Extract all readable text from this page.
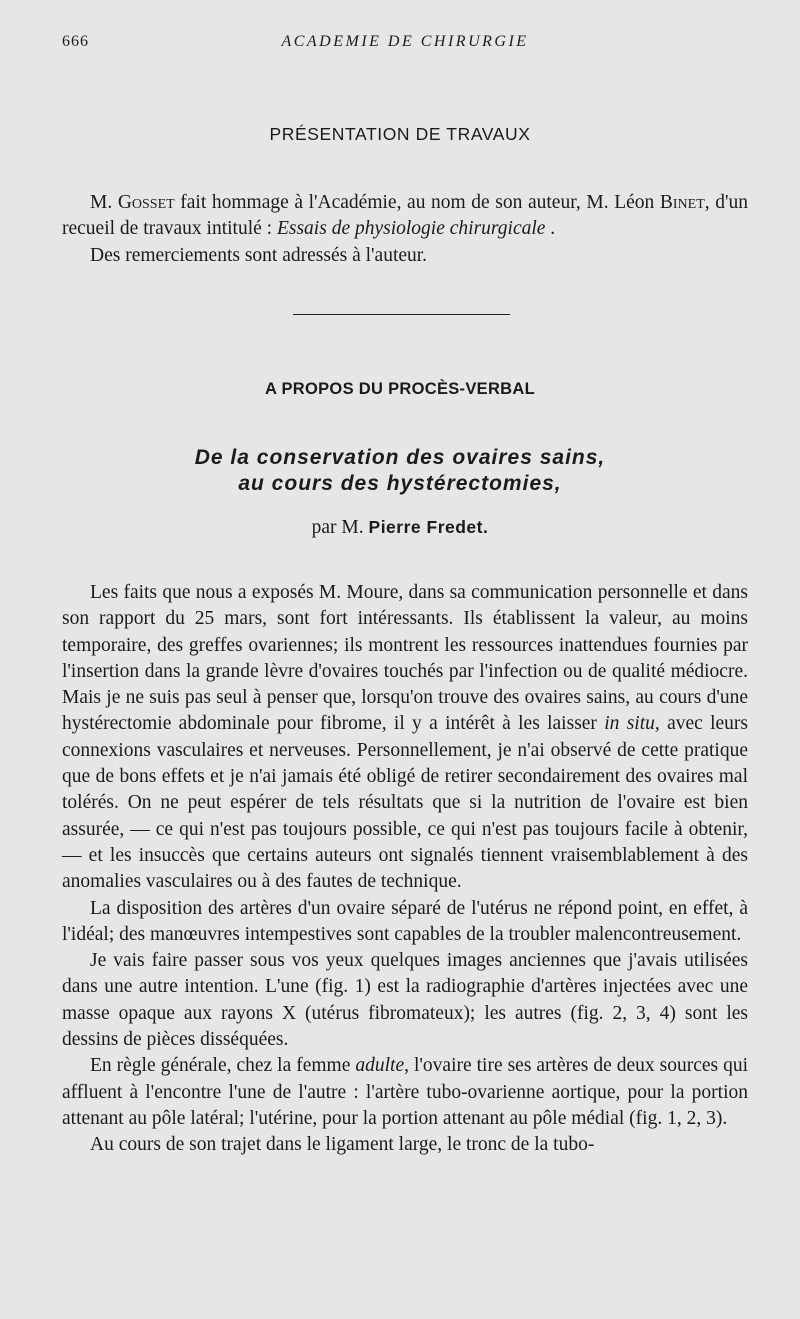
666	ACADEMIE DE CHIRURGIE
PRÉSENTATION DE TRAVAUX

M. Gosset fait hommage à l'Académie, au nom de son auteur, M. Léon Binet, d'un recueil de travaux intitulé : Essais de physiologie chirurgicale .

Des remerciements sont adressés à l'auteur.

A PROPOS DU PROCÈS-VERBAL
De la conservation des ovaires sains,
au cours des hystérectomies,
par M. Pierre Fredet.

Les faits que nous a exposés M. Moure, dans sa communication personnelle et dans son rapport du 25 mars, sont fort intéressants. Ils établissent la valeur, au moins temporaire, des greffes ovariennes; ils montrent les ressources inattendues fournies par l'insertion dans la grande lèvre d'ovaires touchés par l'infection ou de qualité médiocre. Mais je ne suis pas seul à penser que, lorsqu'on trouve des ovaires sains, au cours d'une hystérectomie abdominale pour fibrome, il y a intérêt à les laisser in situ, avec leurs connexions vasculaires et nerveuses. Personnellement, je n'ai observé de cette pratique que de bons effets et je n'ai jamais été obligé de retirer secondairement des ovaires mal tolérés. On ne peut espérer de tels résultats que si la nutrition de l'ovaire est bien assurée, — ce qui n'est pas toujours possible, ce qui n'est pas toujours facile à obtenir, — et les insuccès que certains auteurs ont signalés tiennent vraisemblablement à des anomalies vasculaires ou à des fautes de technique.

La disposition des artères d'un ovaire séparé de l'utérus ne répond point, en effet, à l'idéal; des manœuvres intempestives sont capables de la troubler malencontreusement.

Je vais faire passer sous vos yeux quelques images anciennes que j'avais utilisées dans une autre intention. L'une (fig. 1) est la radiographie d'artères injectées avec une masse opaque aux rayons X (utérus fibromateux); les autres (fig. 2, 3, 4) sont les dessins de pièces disséquées.

En règle générale, chez la femme adulte, l'ovaire tire ses artères de deux sources qui affluent à l'encontre l'une de l'autre : l'artère tubo-ovarienne aortique, pour la portion attenant au pôle latéral; l'utérine, pour la portion attenant au pôle médial (fig. 1, 2, 3).

Au cours de son trajet dans le ligament large, le tronc de la tubo-
